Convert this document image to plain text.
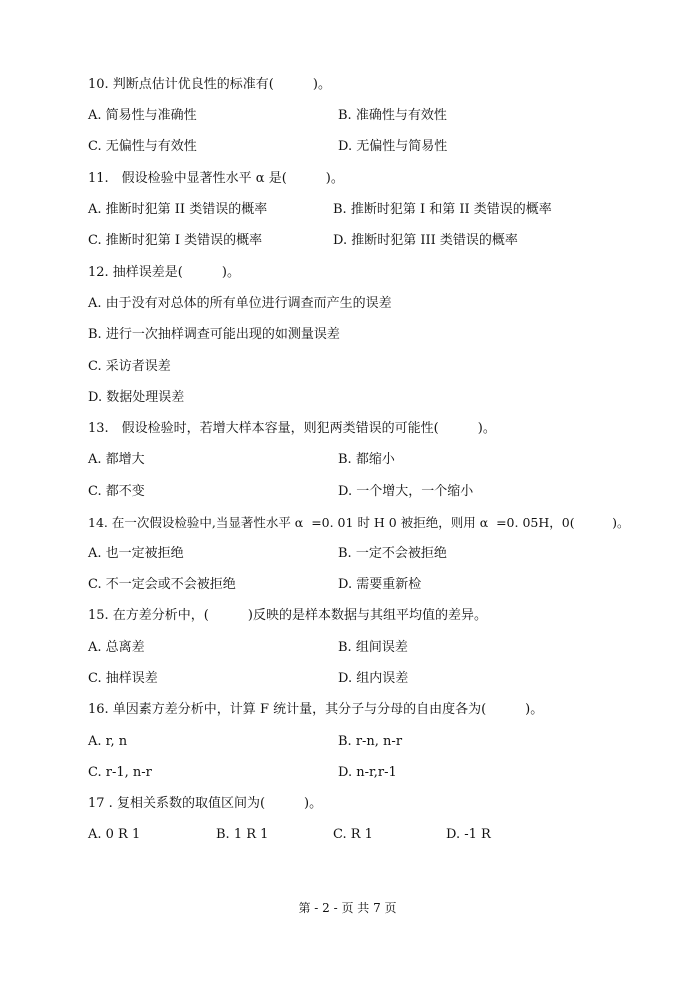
10. 判断点估计优良性的标准有(　　　)。
A. 简易性与准确性	B. 准确性与有效性
C. 无偏性与有效性	D. 无偏性与简易性
11.　假设检验中显著性水平 α 是(　　　)。
A. 推断时犯第 II 类错误的概率	B. 推断时犯第 I 和第 II 类错误的概率
C. 推断时犯第 I 类错误的概率	D. 推断时犯第 III 类错误的概率
12. 抽样误差是(　　　)。
A. 由于没有对总体的所有单位进行调查而产生的误差
B. 进行一次抽样调查可能出现的如测量误差
C. 采访者误差
D. 数据处理误差
13.　假设检验时，若增大样本容量，则犯两类错误的可能性(　　　)。
A. 都增大	B. 都缩小
C. 都不变	D. 一个增大，一个缩小
14. 在一次假设检验中,当显著性水平 α  =0. 01 时 H 0 被拒绝，则用 α  =0. 05H，0(　　　)。
A. 也一定被拒绝	B. 一定不会被拒绝
C. 不一定会或不会被拒绝	D. 需要重新检
15. 在方差分析中，(　　　)反映的是样本数据与其组平均值的差异。
A. 总离差	B. 组间误差
C. 抽样误差	D. 组内误差
16. 单因素方差分析中，计算 F 统计量，其分子与分母的自由度各为(　　　)。
A. r, n	B. r-n, n-r
C. r-1, n-r	D. n-r,r-1
17 . 复相关系数的取值区间为(　　　)。
A. 0 R 1	B. 1 R 1	C. R 1	D. -1 R
第 - 2 - 页 共 7 页
